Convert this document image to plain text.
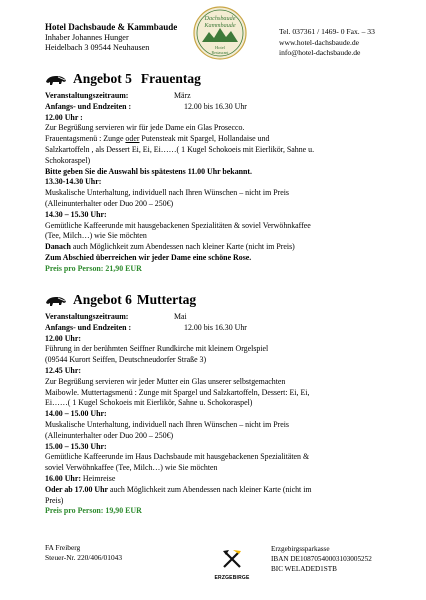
Hotel Dachsbaude & Kammbaude
Inhaber Johannes Hunger
Heidelbach 3 09544 Neuhausen
Dachsbaude
Kammbaude
Hotel
Restaurant
Tel. 037361 / 1469- 0 Fax. – 33
www.hotel-dachsbaude.de
info@hotel-dachsbaude.de
Angebot 5 Frauentag
Veranstaltungszeitraum:	März
Anfangs- und Endzeiten :	12.00 bis 16.30 Uhr

12.00 Uhr :

Zur Begrüßung servieren wir für jede Dame ein Glas Prosecco.

Frauentagsmenü : Zunge oder Putensteak mit Spargel, Hollandaise und

Salzkartoffeln , als Dessert Ei, Ei, Ei……( 1 Kugel Schokoeis mit Eierlikör, Sahne u.

Schokoraspel)

Bitte geben Sie die Auswahl bis spätestens 11.00 Uhr bekannt.

13.30-14.30 Uhr:

Muskalische Unterhaltung, individuell nach Ihren Wünschen – nicht im Preis

(Alleinunterhalter oder Duo 200 – 250€)

14.30 – 15.30 Uhr:

Gemütliche Kaffeerunde mit hausgebackenen Spezialitäten & soviel Verwöhnkaffee

(Tee, Milch…) wie Sie möchten

Danach auch Möglichkeit zum Abendessen nach kleiner Karte (nicht im Preis)

Zum Abschied überreichen wir jeder Dame eine schöne Rose.

Preis pro Person: 21,90 EUR

Angebot 6 Muttertag
Veranstaltungszeitraum:	Mai
Anfangs- und Endzeiten :	12.00 bis 16.30 Uhr

12.00 Uhr:

Führung in der berühmten Seiffner Rundkirche mit kleinem Orgelspiel

(09544 Kurort Seiffen, Deutschneudorfer Straße 3)

12.45 Uhr:

Zur Begrüßung servieren wir jeder Mutter ein Glas unserer selbstgemachten

Maibowle. Muttertagsmenü : Zunge mit Spargel und Salzkartoffeln, Dessert: Ei, Ei,

Ei……( 1 Kugel Schokoeis mit Eierlikör, Sahne u. Schokoraspel)

14.00 – 15.00 Uhr:

Muskalische Unterhaltung, individuell nach Ihren Wünschen – nicht im Preis

(Alleinunterhalter oder Duo 200 – 250€)

15.00 – 15.30 Uhr:

Gemütliche Kaffeerunde im Haus Dachsbaude mit hausgebackenen Spezialitäten &

soviel Verwöhnkaffee (Tee, Milch…) wie Sie möchten

16.00 Uhr: Heimreise

Oder ab 17.00 Uhr auch Möglichkeit zum Abendessen nach kleiner Karte (nicht im

Preis)

Preis pro Person: 19,90 EUR

FA Freiberg
Steuer-Nr. 220/406/01043
ERZGEBIRGE
Erzgebirgssparkasse
IBAN DE10870540003103005252
BIC WELADED1STB
